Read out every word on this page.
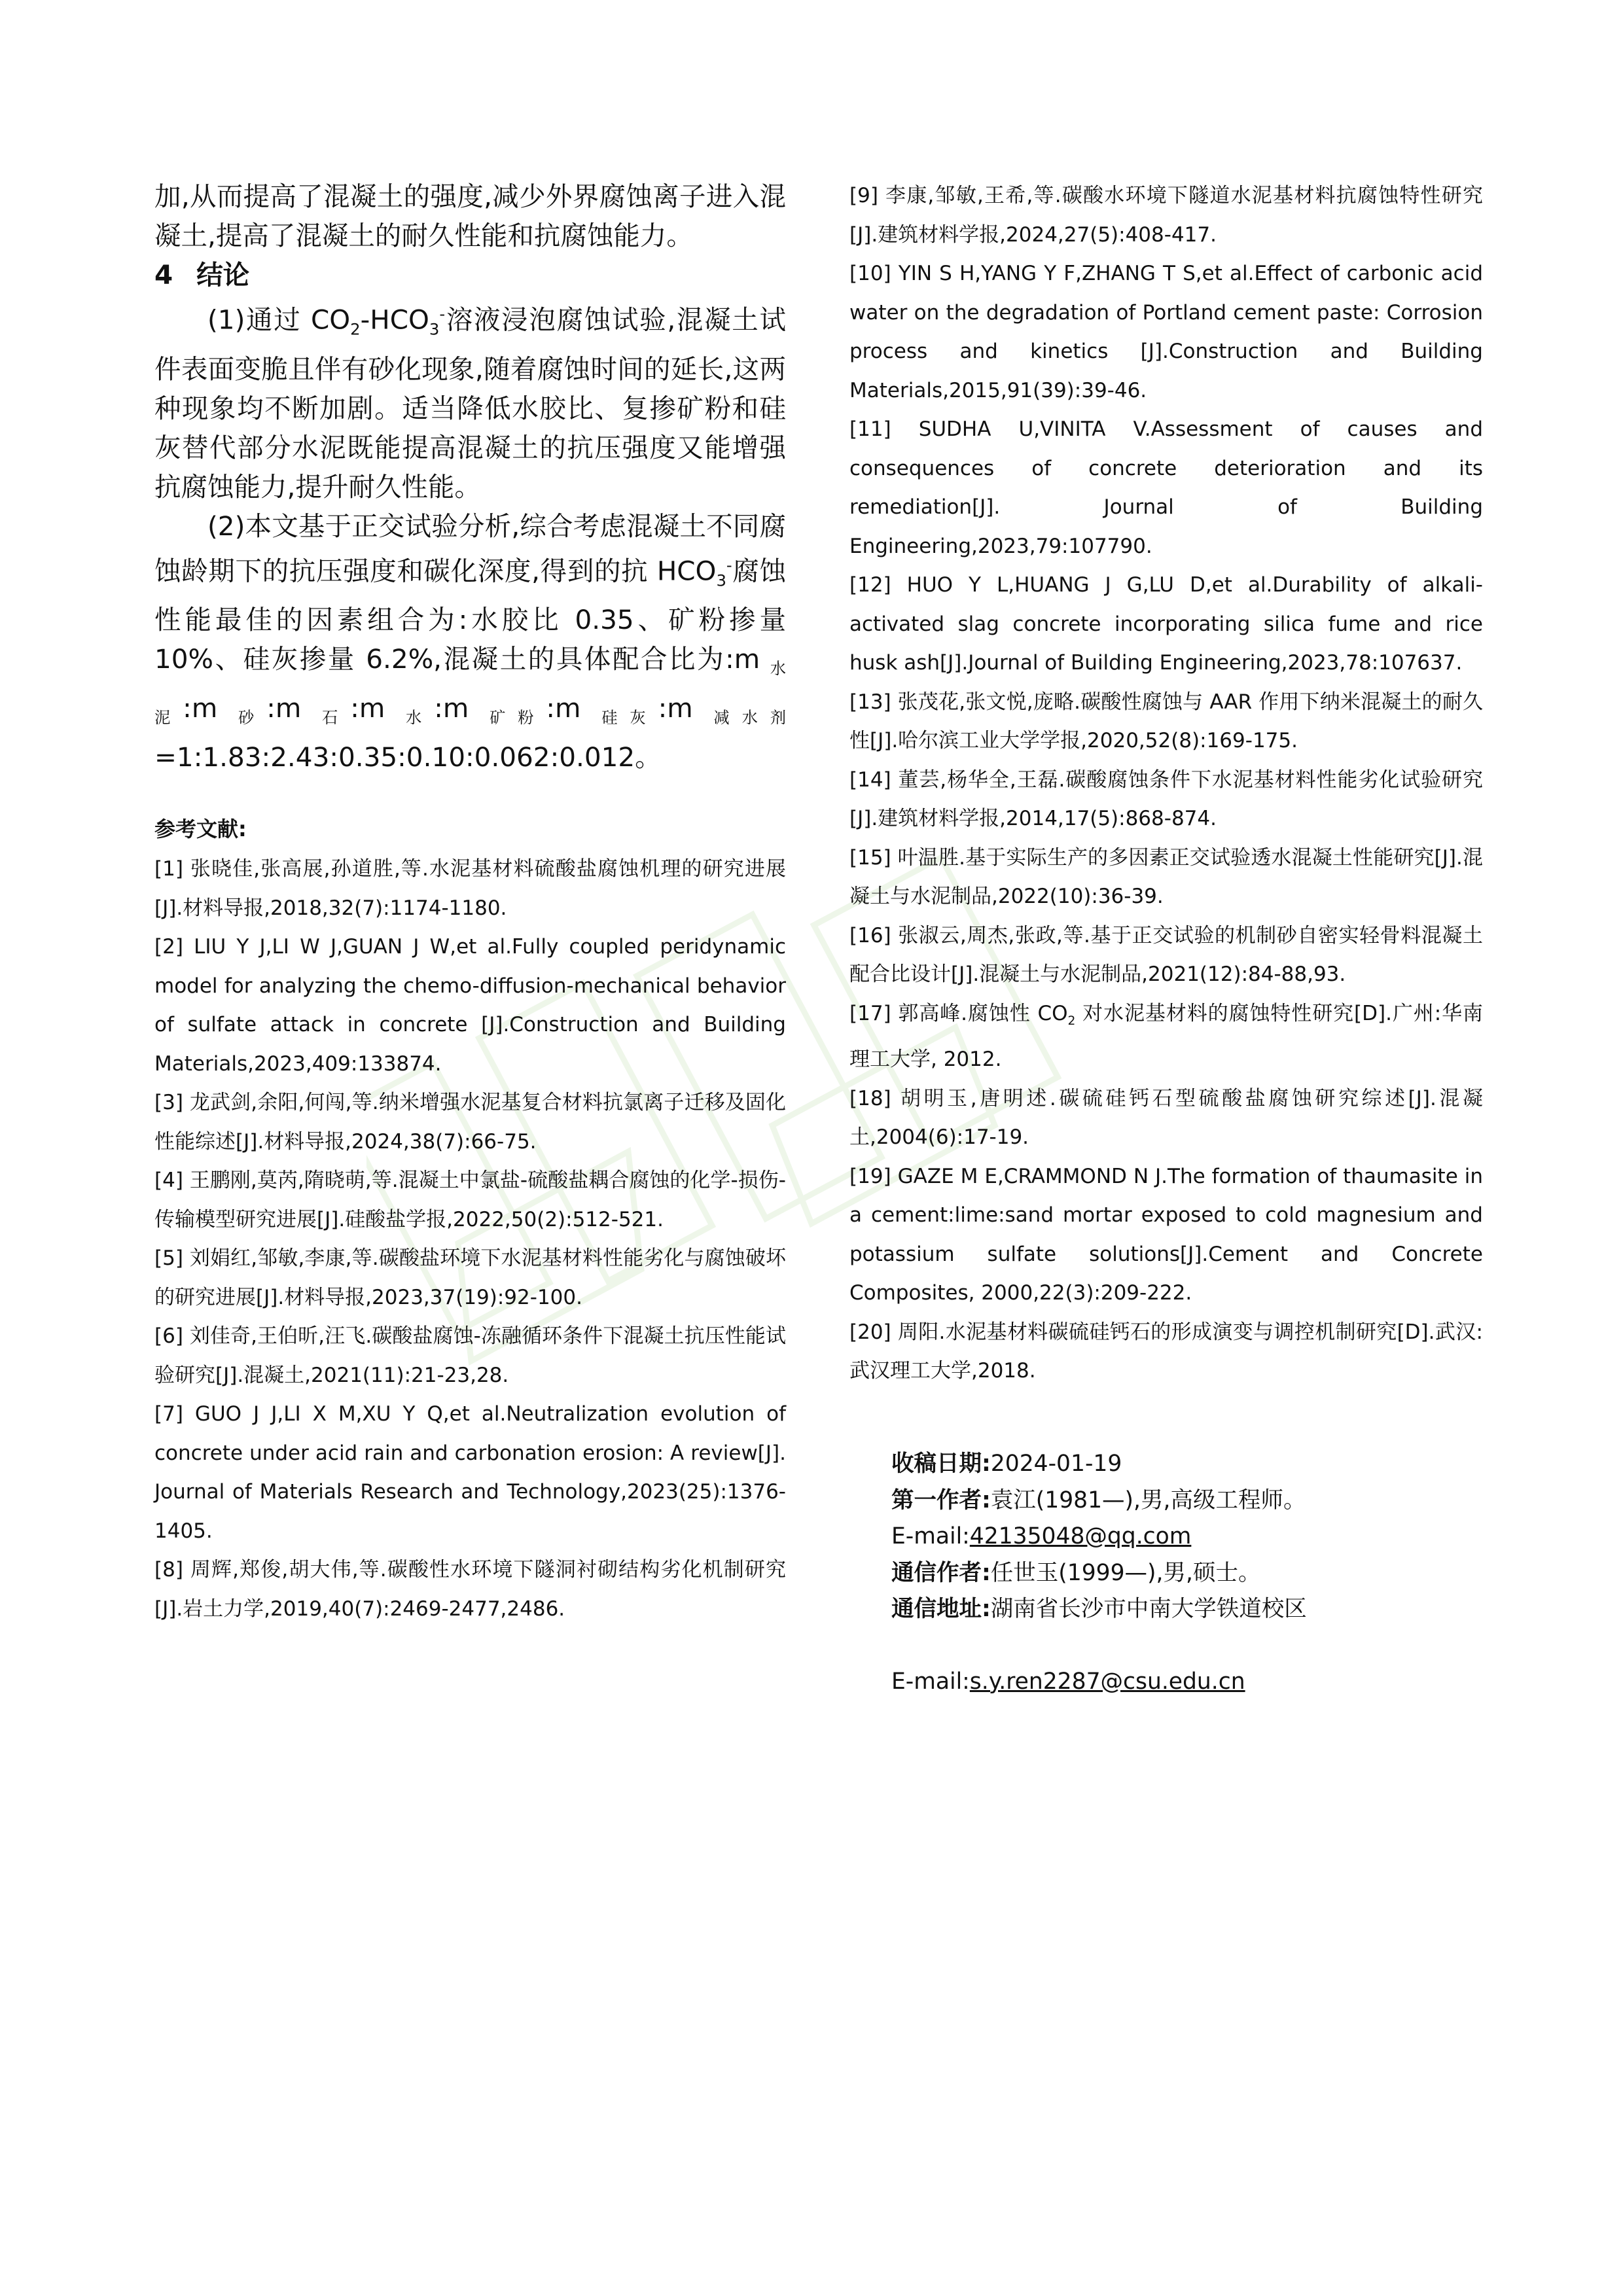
加,从而提高了混凝土的强度,减少外界腐蚀离子进入混凝土,提高了混凝土的耐久性能和抗腐蚀能力。

4 结论

(1)通过 $CO_2-HCO_3^-$溶液浸泡腐蚀试验,混凝土试件表面变脆且伴有砂化现象,随着腐蚀时间的延长,这两种现象均不断加剧。适当降低水胶比、复掺矿粉和硅灰替代部分水泥既能提高混凝土的抗压强度又能增强抗腐蚀能力,提升耐久性能。

(2)本文基于正交试验分析,综合考虑混凝土不同腐蚀龄期下的抗压强度和碳化深度,得到的抗 $HCO_3^-$腐蚀性能最佳的因素组合为:水胶比 0.35、矿粉掺量 10%、硅灰掺量 6.2%,混凝土的具体配合比为:m $_{水泥}$:m $_砂$:m $_石$:m $_水$:m $_{矿粉}$:m $_{硅灰}$:m $_{减水剂}$=1:1.83:2.43:0.35:0.10:0.062:0.012。

参考文献:

[1] 张晓佳,张高展,孙道胜,等.水泥基材料硫酸盐腐蚀机理的研究进展[J].材料导报,2018,32(7):1174-1180.

[2] LIU Y J,LI W J,GUAN J W,et al.Fully coupled peridynamic model for analyzing the chemo-diffusion-mechanical behavior of sulfate attack in concrete [J].Construction and Building Materials,2023,409:133874.

[3] 龙武剑,余阳,何闯,等.纳米增强水泥基复合材料抗氯离子迁移及固化性能综述[J].材料导报,2024,38(7):66-75.

[4] 王鹏刚,莫芮,隋晓萌,等.混凝土中氯盐-硫酸盐耦合腐蚀的化学-损伤-传输模型研究进展[J].硅酸盐学报,2022,50(2):512-521.

[5] 刘娟红,邹敏,李康,等.碳酸盐环境下水泥基材料性能劣化与腐蚀破坏的研究进展[J].材料导报,2023,37(19):92-100.

[6] 刘佳奇,王伯昕,汪飞.碳酸盐腐蚀-冻融循环条件下混凝土抗压性能试验研究[J].混凝土,2021(11):21-23,28.

[7] GUO J J,LI X M,XU Y Q,et al.Neutralization evolution of concrete under acid rain and carbonation erosion: A review[J]. Journal of Materials Research and Technology,2023(25):1376-1405.

[8] 周辉,郑俊,胡大伟,等.碳酸性水环境下隧洞衬砌结构劣化机制研究[J].岩土力学,2019,40(7):2469-2477,2486.

[9] 李康,邹敏,王希,等.碳酸水环境下隧道水泥基材料抗腐蚀特性研究[J].建筑材料学报,2024,27(5):408-417.

[10] YIN S H,YANG Y F,ZHANG T S,et al.Effect of carbonic acid water on the degradation of Portland cement paste: Corrosion process and kinetics [J].Construction and Building Materials,2015,91(39):39-46.

[11] SUDHA U,VINITA V.Assessment of causes and consequences of concrete deterioration and its remediation[J]. Journal of Building Engineering,2023,79:107790.

[12] HUO Y L,HUANG J G,LU D,et al.Durability of alkali-activated slag concrete incorporating silica fume and rice husk ash[J].Journal of Building Engineering,2023,78:107637.

[13] 张茂花,张文悦,庞略.碳酸性腐蚀与 AAR 作用下纳米混凝土的耐久性[J].哈尔滨工业大学学报,2020,52(8):169-175.

[14] 董芸,杨华全,王磊.碳酸腐蚀条件下水泥基材料性能劣化试验研究[J].建筑材料学报,2014,17(5):868-874.

[15] 叶温胜.基于实际生产的多因素正交试验透水混凝土性能研究[J].混凝土与水泥制品,2022(10):36-39.

[16] 张淑云,周杰,张政,等.基于正交试验的机制砂自密实轻骨料混凝土配合比设计[J].混凝土与水泥制品,2021(12):84-88,93.

[17] 郭高峰.腐蚀性 $CO_2$ 对水泥基材料的腐蚀特性研究[D].广州:华南理工大学, 2012.

[18] 胡明玉,唐明述.碳硫硅钙石型硫酸盐腐蚀研究综述[J].混凝土,2004(6):17-19.

[19] GAZE M E,CRAMMOND N J.The formation of thaumasite in a cement:lime:sand mortar exposed to cold magnesium and potassium sulfate solutions[J].Cement and Concrete Composites, 2000,22(3):209-222.

[20] 周阳.水泥基材料碳硫硅钙石的形成演变与调控机制研究[D].武汉:武汉理工大学,2018.

收稿日期:2024-01-19

第一作者:袁江(1981—),男,高级工程师。

E-mail:42135048@qq.com

通信作者:任世玉(1999—),男,硕士。

通信地址:湖南省长沙市中南大学铁道校区

E-mail:s.y.ren2287@csu.edu.cn
